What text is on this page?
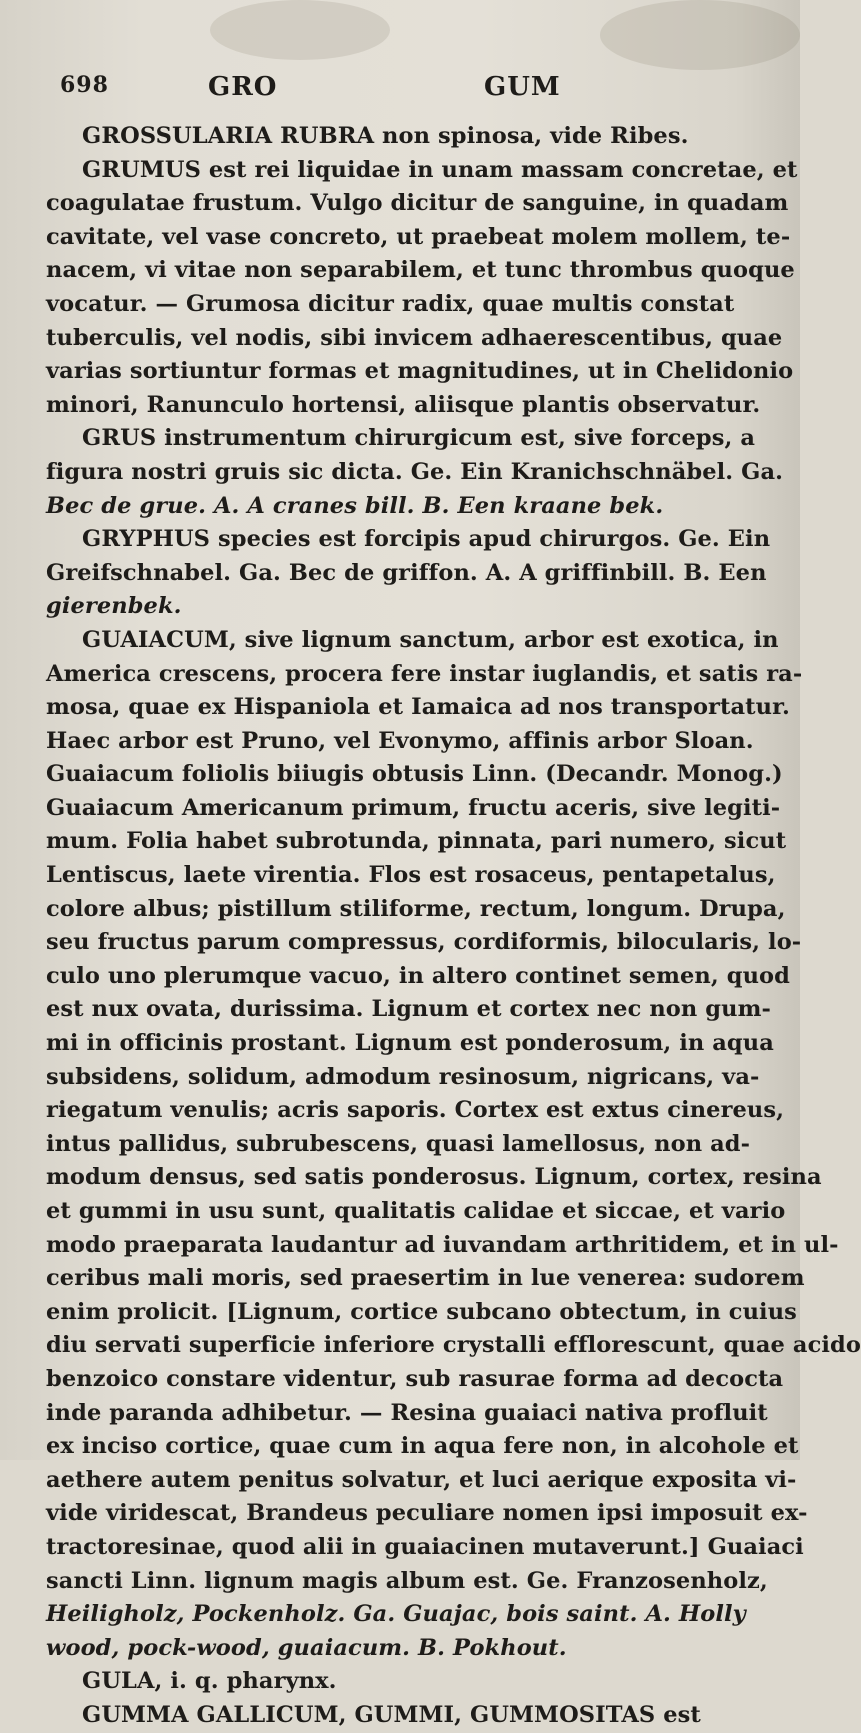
698	GRO	GUM
GROSSULARIA RUBRA non spinosa, vide Ribes.
GRUMUS est rei liquidae in unam massam concretae, et
coagulatae frustum. Vulgo dicitur de sanguine, in quadam
cavitate, vel vase concreto, ut praebeat molem mollem, te-
nacem, vi vitae non separabilem, et tunc thrombus quoque
vocatur. — Grumosa dicitur radix, quae multis constat
tuberculis, vel nodis, sibi invicem adhaerescentibus, quae
varias sortiuntur formas et magnitudines, ut in Chelidonio
minori, Ranunculo hortensi, aliisque plantis observatur.
GRUS instrumentum chirurgicum est, sive forceps, a
figura nostri gruis sic dicta. Ge. Ein Kranichschnäbel. Ga.
Bec de grue. A. A cranes bill. B. Een kraane bek.
GRYPHUS species est forcipis apud chirurgos. Ge. Ein
Greifschnabel. Ga. Bec de griffon. A. A griffinbill. B. Een
gierenbek.
GUAIACUM, sive lignum sanctum, arbor est exotica, in
America crescens, procera fere instar iuglandis, et satis ra-
mosa, quae ex Hispaniola et Iamaica ad nos transportatur.
Haec arbor est Pruno, vel Evonymo, affinis arbor Sloan.
Guaiacum foliolis biiugis obtusis Linn. (Decandr. Monog.)
Guaiacum Americanum primum, fructu aceris, sive legiti-
mum. Folia habet subrotunda, pinnata, pari numero, sicut
Lentiscus, laete virentia. Flos est rosaceus, pentapetalus,
colore albus; pistillum stiliforme, rectum, longum. Drupa,
seu fructus parum compressus, cordiformis, bilocularis, lo-
culo uno plerumque vacuo, in altero continet semen, quod
est nux ovata, durissima. Lignum et cortex nec non gum-
mi in officinis prostant. Lignum est ponderosum, in aqua
subsidens, solidum, admodum resinosum, nigricans, va-
riegatum venulis; acris saporis. Cortex est extus cinereus,
intus pallidus, subrubescens, quasi lamellosus, non ad-
modum densus, sed satis ponderosus. Lignum, cortex, resina
et gummi in usu sunt, qualitatis calidae et siccae, et vario
modo praeparata laudantur ad iuvandam arthritidem, et in ul-
ceribus mali moris, sed praesertim in lue venerea: sudorem
enim prolicit. [Lignum, cortice subcano obtectum, in cuius
diu servati superficie inferiore crystalli efflorescunt, quae acido
benzoico constare videntur, sub rasurae forma ad decocta
inde paranda adhibetur. — Resina guaiaci nativa profluit
ex inciso cortice, quae cum in aqua fere non, in alcohole et
aethere autem penitus solvatur, et luci aerique exposita vi-
vide viridescat, Brandeus peculiare nomen ipsi imposuit ex-
tractoresinae, quod alii in guaiacinen mutaverunt.] Guaiaci
sancti Linn. lignum magis album est. Ge. Franzosenholz,
Heiligholz, Pockenholz. Ga. Guajac, bois saint. A. Holly
wood, pock-wood, guaiacum. B. Pokhout.
GULA, i. q. pharynx.
GUMMA GALLICUM, GUMMI, GUMMOSITAS est
